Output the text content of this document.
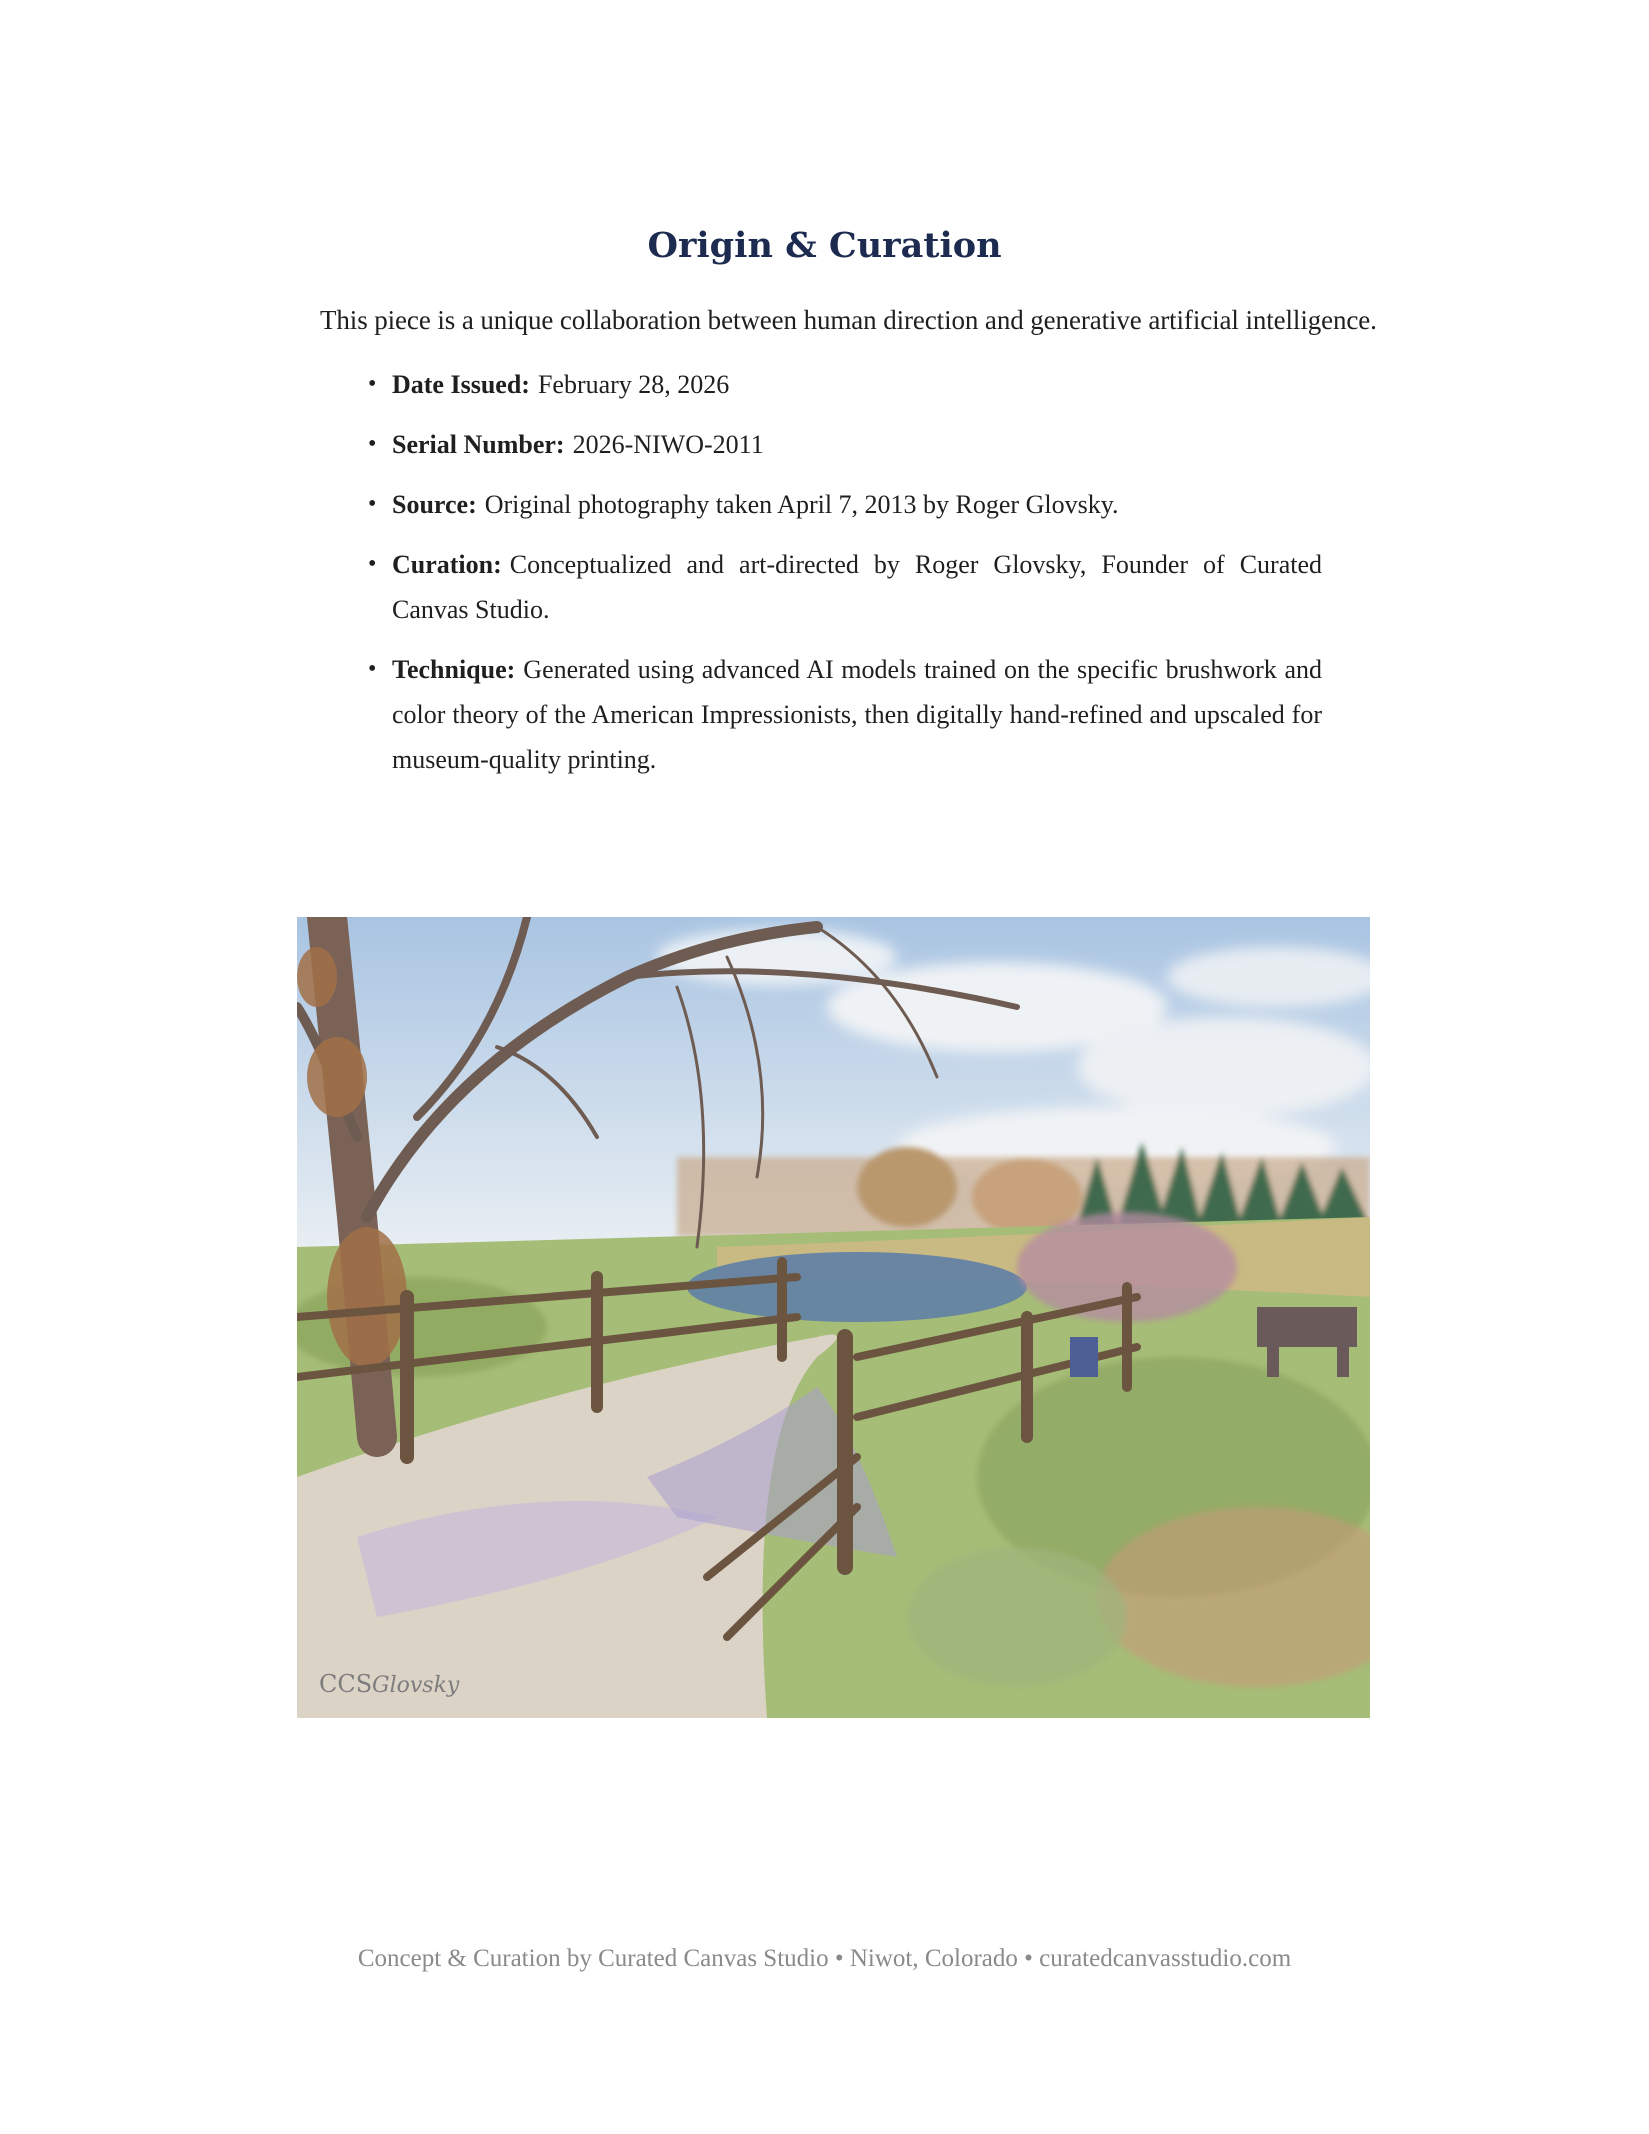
Origin & Curation

This piece is a unique collaboration between human direction and generative artificial intelligence.

• Date Issued: February 28, 2026
• Serial Number: 2026-NIWO-2011
• Source: Original photography taken April 7, 2013 by Roger Glovsky.
• Curation: Conceptualized and art-directed by Roger Glovsky, Founder of Curated Canvas Studio.
• Technique: Generated using advanced AI models trained on the specific brushwork and color theory of the American Impressionists, then digitally hand-refined and upscaled for museum-quality printing.
CCS Glovsky

Concept & Curation by Curated Canvas Studio • Niwot, Colorado • curatedcanvasstudio.com
